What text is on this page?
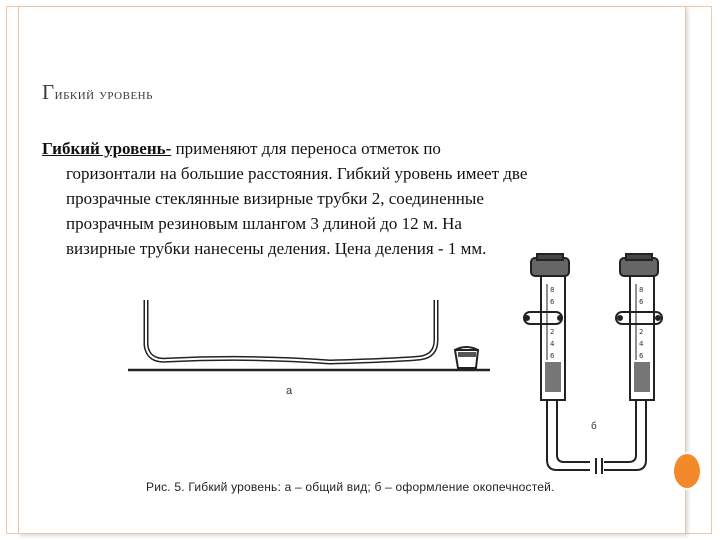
Гибкий уровень
Гибкий уровень- применяют для переноса отметок по
горизонтали на большие расстояния. Гибкий уровень имеет две
прозрачные стеклянные визирные трубки 2, соединенные
прозрачным резиновым шлангом 3 длиной до 12 м. На
визирные трубки нанесены деления. Цена деления - 1 мм.
8
6
2
4
6
8
6
2
4
6
а
б
Рис. 5. Гибкий уровень: а – общий вид; б – оформление окопечностей.
